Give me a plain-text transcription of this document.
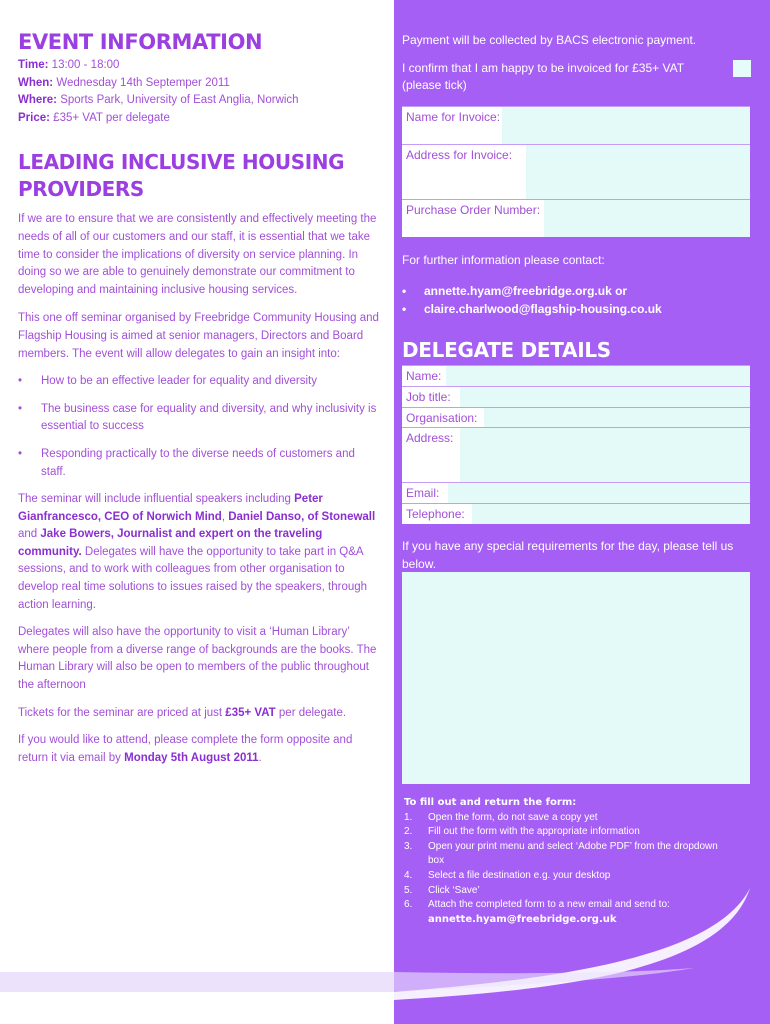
EVENT INFORMATION
Time: 13:00 - 18:00
When: Wednesday 14th Septemper 2011
Where: Sports Park, University of East Anglia, Norwich
Price: £35+ VAT per delegate
LEADING INCLUSIVE HOUSING
PROVIDERS

If we are to ensure that we are consistently and effectively meeting the needs of all of our customers and our staff, it is essential that we take time to consider the implications of diversity on service planning. In doing so we are able to genuinely demonstrate our commitment to developing and maintaining inclusive housing services.

This one off seminar organised by Freebridge Community Housing and Flagship Housing is aimed at senior managers, Directors and Board members. The event will allow delegates to gain an insight into:

• How to be an effective leader for equality and diversity
• The business case for equality and diversity, and why inclusivity is essential to success
• Responding practically to the diverse needs of customers and staff.

The seminar will include influential speakers including Peter Gianfrancesco, CEO of Norwich Mind, Daniel Danso, of Stonewall and Jake Bowers, Journalist and expert on the traveling community. Delegates will have the opportunity to take part in Q&A sessions, and to work with colleagues from other organisation to develop real time solutions to issues raised by the speakers, through action learning.

Delegates will also have the opportunity to visit a ‘Human Library’ where people from a diverse range of backgrounds are the books. The Human Library will also be open to members of the public throughout the afternoon

Tickets for the seminar are priced at just £35+ VAT per delegate.

If you would like to attend, please complete the form opposite and return it via email by Monday 5th August 2011.

Payment will be collected by BACS electronic payment.
I confirm that I am happy to be invoiced for £35+ VAT
(please tick)
Name for Invoice:
Address for Invoice:
Purchase Order Number:
For further information please contact:
• annette.hyam@freebridge.org.uk or
• claire.charlwood@flagship-housing.co.uk
DELEGATE DETAILS
Name:
Job title:
Organisation:
Address:
Email:
Telephone:
If you have any special requirements for the day, please tell us below.
To fill out and return the form:
1. Open the form, do not save a copy yet
2. Fill out the form with the appropriate information
3. Open your print menu and select ‘Adobe PDF’ from the dropdown box
4. Select a file destination e.g. your desktop
5. Click ‘Save’
6. Attach the completed form to a new email and send to:
annette.hyam@freebridge.org.uk
